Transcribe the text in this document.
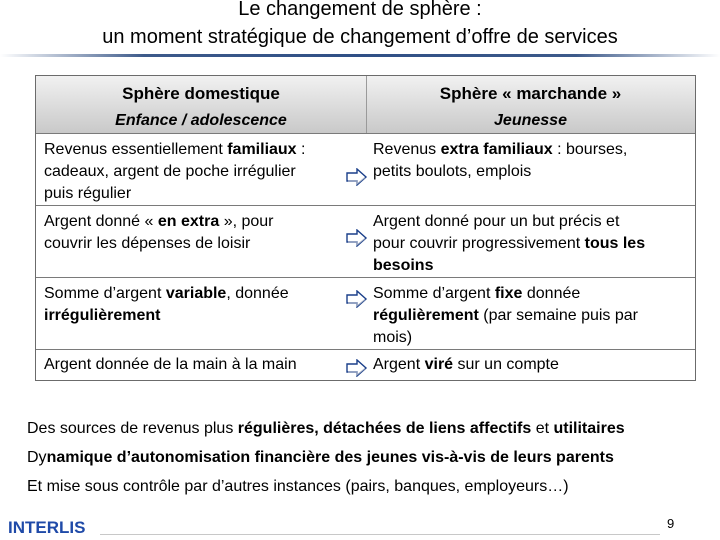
Le changement de sphère :
un moment stratégique de changement d’offre de services
Sphère domestique
Enfance / adolescence
Sphère « marchande »
Jeunesse
Revenus essentiellement familiaux :
cadeaux, argent de poche irrégulier
puis régulier
Revenus extra familiaux : bourses,
petits boulots, emplois
Argent donné « en extra », pour
couvrir les dépenses de loisir
Argent donné pour un but précis et
pour couvrir progressivement tous les
besoins
Somme d’argent variable, donnée
irrégulièrement
Somme d’argent fixe donnée
régulièrement (par semaine puis par
mois)
Argent donnée de la main à la main	Argent viré sur un compte
Des sources de revenus plus régulières, détachées de liens affectifs et utilitaires
Dynamique d’autonomisation financière des jeunes vis-à-vis de leurs parents
Et mise sous contrôle par d’autres instances (pairs, banques, employeurs…)
INTERLIS	9
